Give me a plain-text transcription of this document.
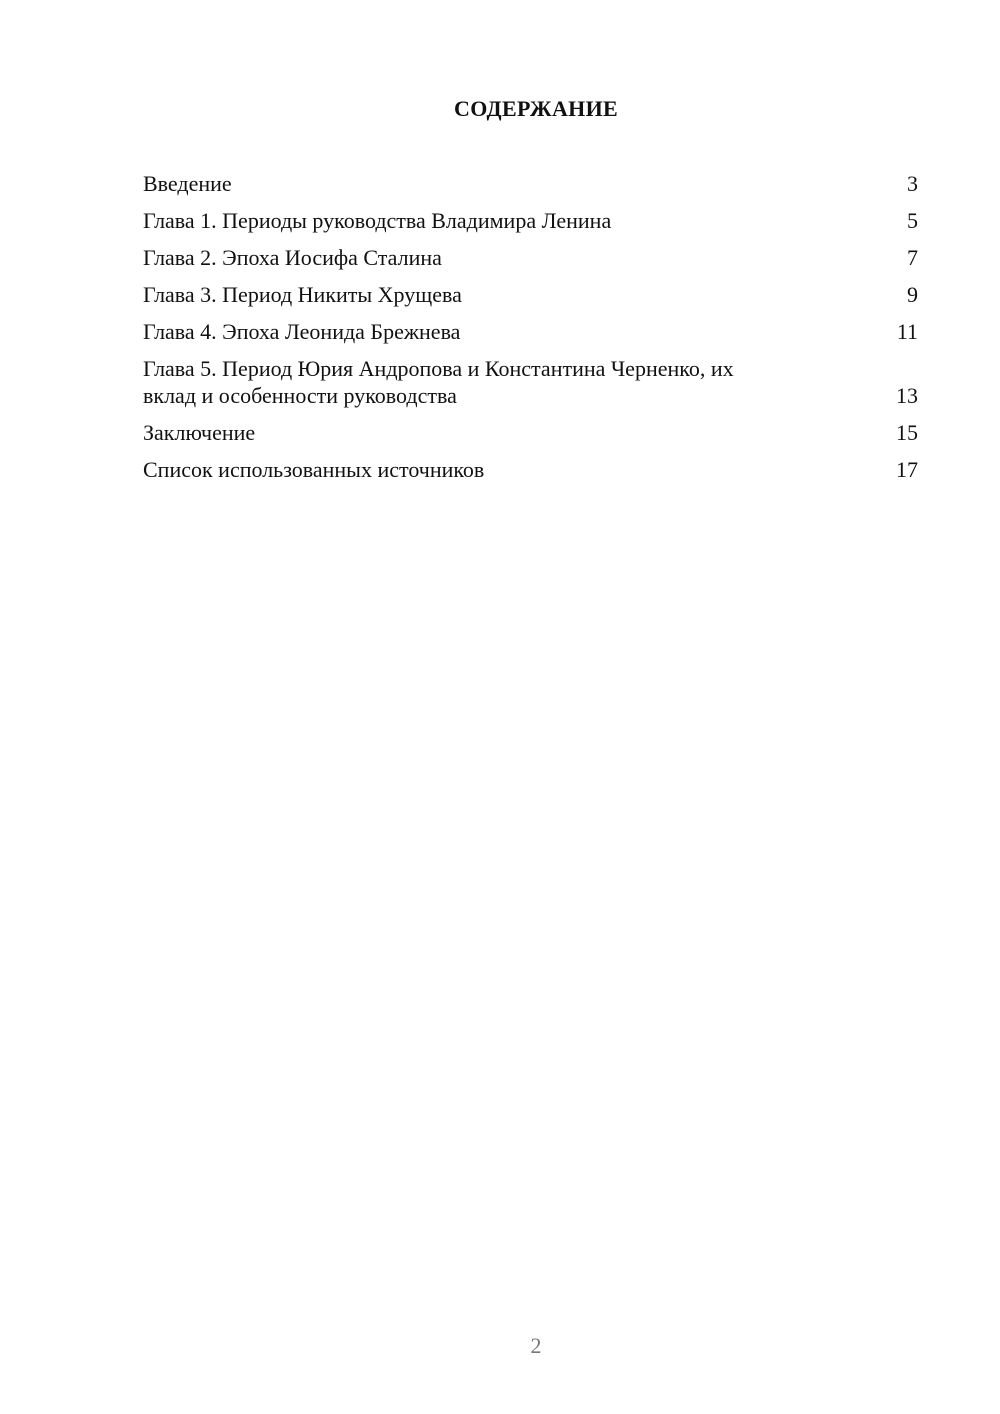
СОДЕРЖАНИЕ
Введение	3
Глава 1. Периоды руководства Владимира Ленина	5
Глава 2. Эпоха Иосифа Сталина	7
Глава 3. Период Никиты Хрущева	9
Глава 4. Эпоха Леонида Брежнева	11
Глава 5. Период Юрия Андропова и Константина Черненко, их
вклад и особенности руководства	13
Заключение	15
Список использованных источников	17
2
